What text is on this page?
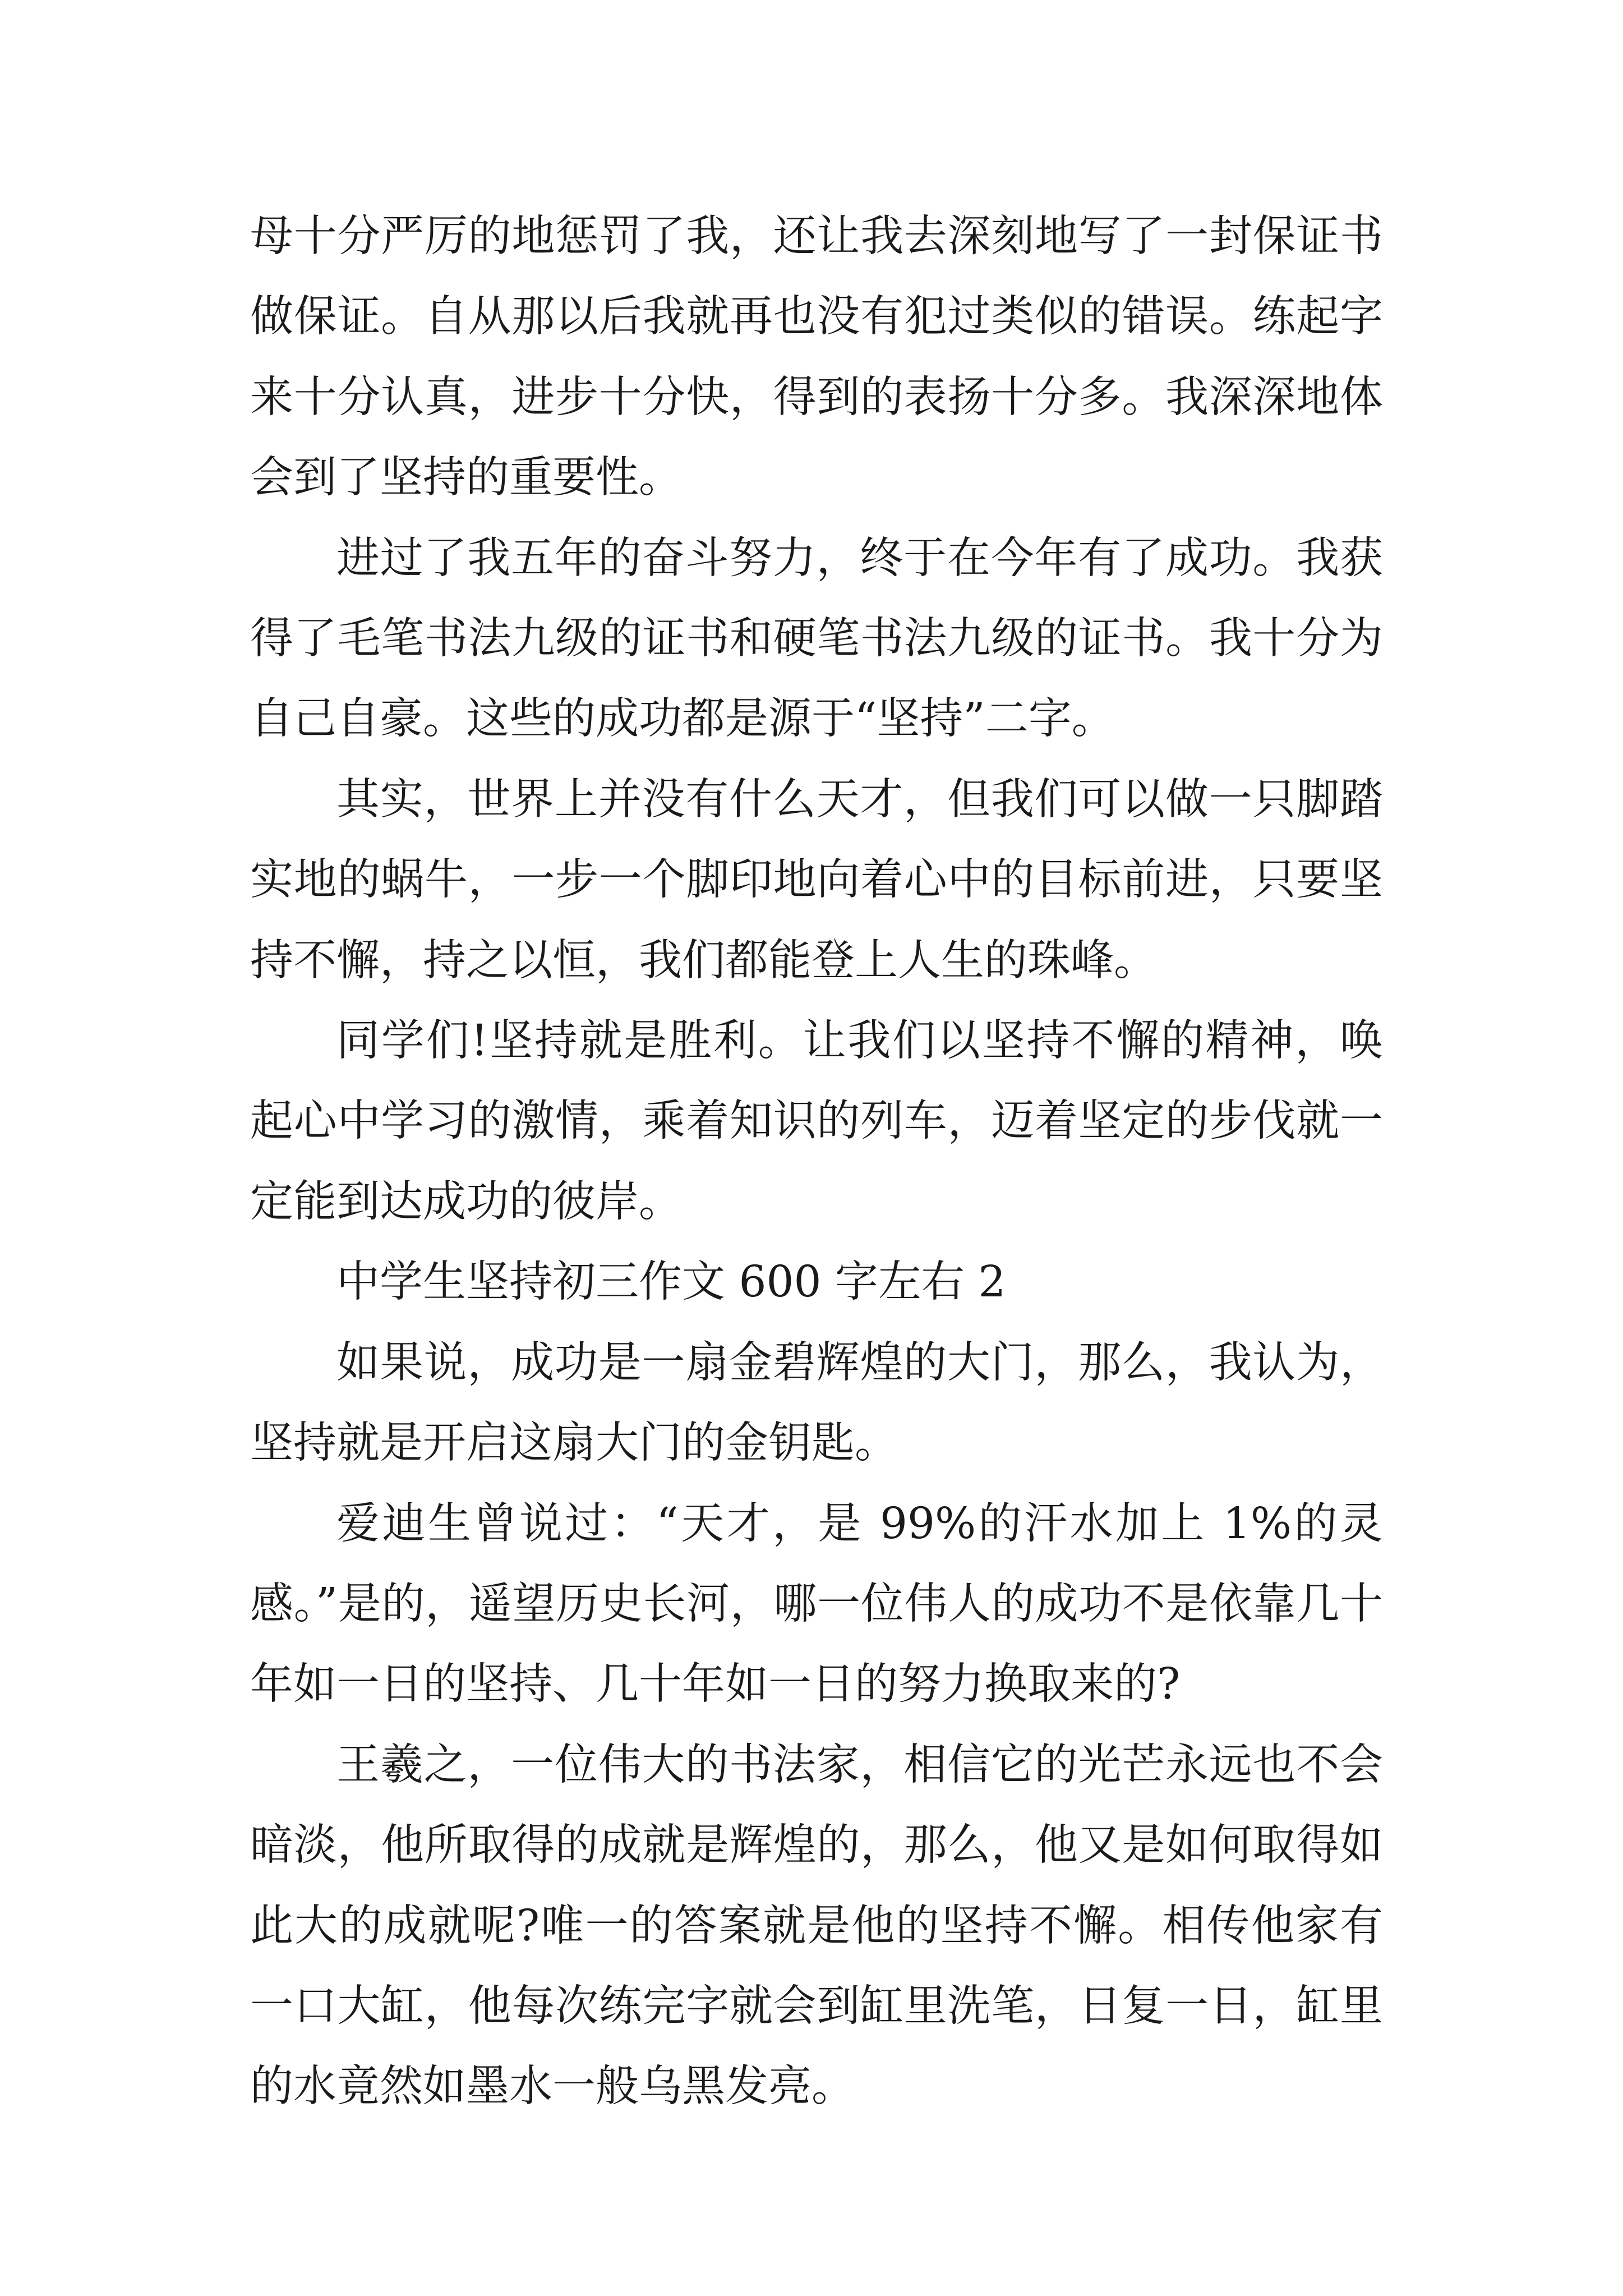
母十分严厉的地惩罚了我，还让我去深刻地写了一封保证书做保证。自从那以后我就再也没有犯过类似的错误。练起字来十分认真，进步十分快，得到的表扬十分多。我深深地体会到了坚持的重要性。

进过了我五年的奋斗努力，终于在今年有了成功。我获得了毛笔书法九级的证书和硬笔书法九级的证书。我十分为自己自豪。这些的成功都是源于“坚持”二字。

其实，世界上并没有什么天才，但我们可以做一只脚踏实地的蜗牛，一步一个脚印地向着心中的目标前进，只要坚持不懈，持之以恒，我们都能登上人生的珠峰。

同学们!坚持就是胜利。让我们以坚持不懈的精神，唤起心中学习的激情，乘着知识的列车，迈着坚定的步伐就一定能到达成功的彼岸。

中学生坚持初三作文 600 字左右 2

如果说，成功是一扇金碧辉煌的大门，那么，我认为，坚持就是开启这扇大门的金钥匙。

爱迪生曾说过：“天才，是 99%的汗水加上 1%的灵感。”是的，遥望历史长河，哪一位伟人的成功不是依靠几十年如一日的坚持、几十年如一日的努力换取来的?

王羲之，一位伟大的书法家，相信它的光芒永远也不会暗淡，他所取得的成就是辉煌的，那么，他又是如何取得如此大的成就呢?唯一的答案就是他的坚持不懈。相传他家有一口大缸，他每次练完字就会到缸里洗笔，日复一日，缸里的水竟然如墨水一般乌黑发亮。
